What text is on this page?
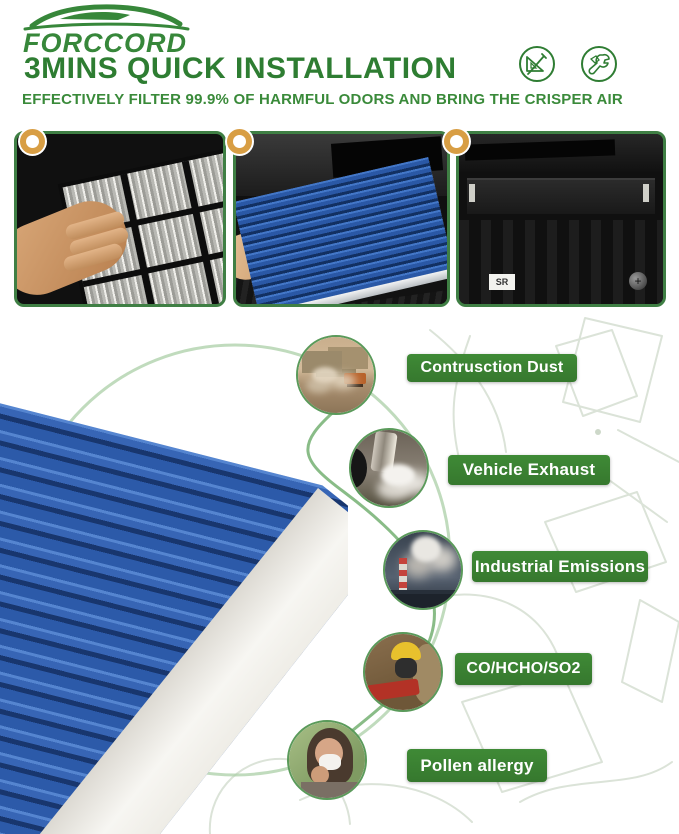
FORCCORD
3MINS QUICK INSTALLATION
EFFECTIVELY FILTER 99.9% OF HARMFUL ODORS AND BRING THE CRISPER AIR
SR	+
Contrusction Dust
Vehicle Exhaust
Industrial Emissions
CO/HCHO/SO2
Pollen allergy
